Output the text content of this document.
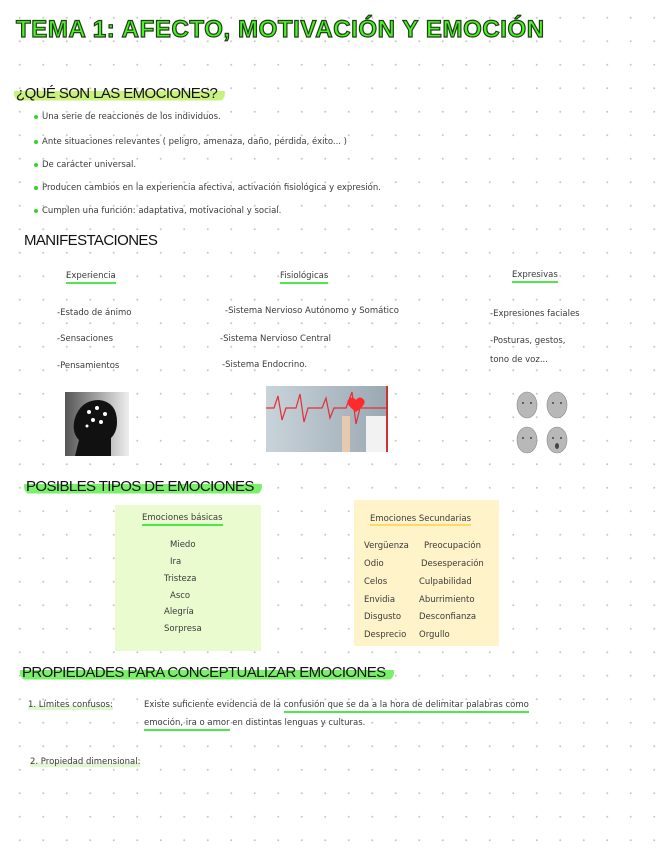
TEMA 1: AFECTO, MOTIVACIÓN Y EMOCIÓN
¿QUÉ SON LAS EMOCIONES?
Una serie de reacciones de los individuos.
Ante situaciones relevantes ( peligro, amenaza, daño, pérdida, éxito... )
De carácter universal.
Producen cambios en la experiencia afectiva, activación fisiológica y expresión.
Cumplen una función: adaptativa, motivacional y social.
MANIFESTACIONES
Experiencia
-Estado de ánimo
-Sensaciones
-Pensamientos
Fisiológicas
-Sistema Nervioso Autónomo y Somático
-Sistema Nervioso Central
-Sistema Endocrino.
Expresivas
-Expresiones faciales
-Posturas, gestos,
tono de voz...
POSIBLES TIPOS DE EMOCIONES
Emociones básicas
Miedo
Ira
Tristeza
Asco
Alegría
Sorpresa
Emociones Secundarias
Vergüenza
Odio
Celos
Envidia
Disgusto
Desprecio
Preocupación
Desesperación
Culpabilidad
Aburrimiento
Desconfianza
Orgullo
PROPIEDADES PARA CONCEPTUALIZAR EMOCIONES
1. Límites confusos:	Existe suficiente evidencia de la confusión que se da a la hora de delimitar palabras como
emoción, ira o amor en distintas lenguas y culturas.
2. Propiedad dimensional:
